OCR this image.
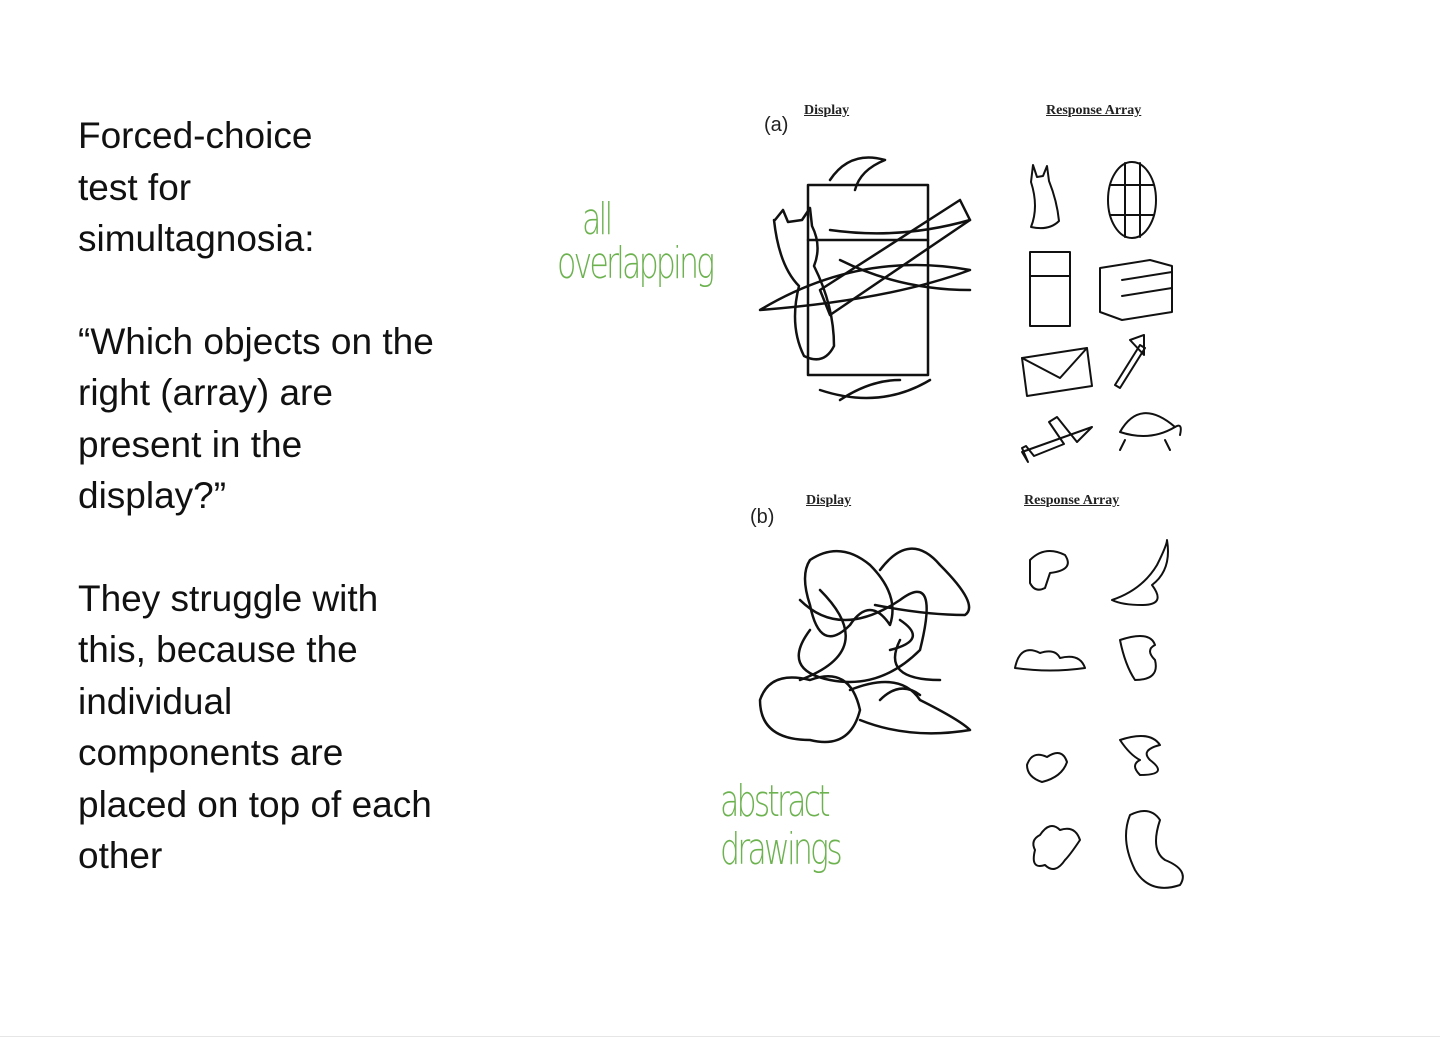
Forced-choice test for simultagnosia:

“Which objects on the right (array) are present in the display?”

They struggle with this, because the individual components are placed on top of each other

(a)
Display	Response Array
(b)
Display	Response Array
all
overlapping
abstract
drawings
